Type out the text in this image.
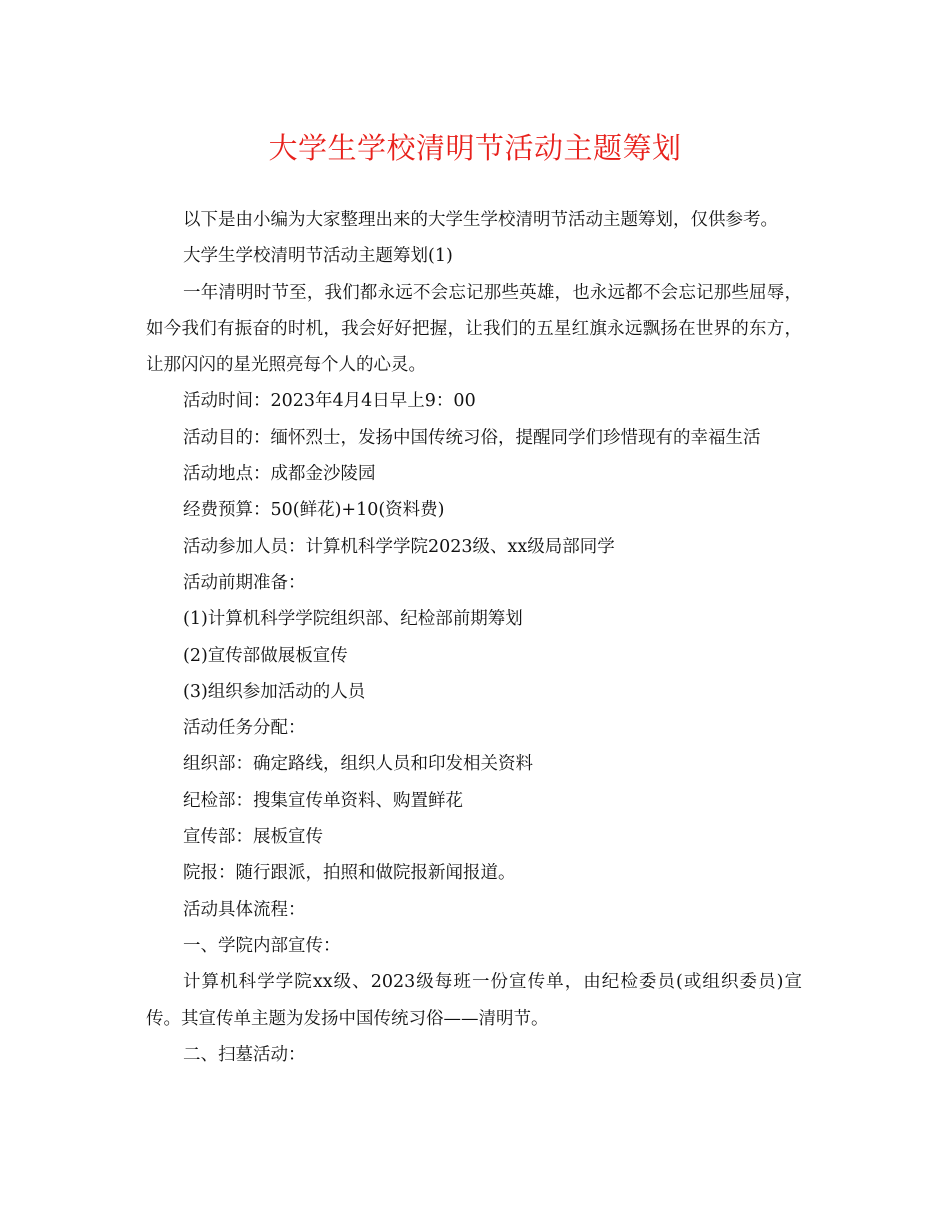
大学生学校清明节活动主题筹划

以下是由小编为大家整理出来的大学生学校清明节活动主题筹划，仅供参考。

大学生学校清明节活动主题筹划(1)

一年清明时节至，我们都永远不会忘记那些英雄，也永远都不会忘记那些屈辱，如今我们有振奋的时机，我会好好把握，让我们的五星红旗永远飘扬在世界的东方，让那闪闪的星光照亮每个人的心灵。

活动时间：2023年4月4日早上9：00

活动目的：缅怀烈士，发扬中国传统习俗，提醒同学们珍惜现有的幸福生活

活动地点：成都金沙陵园

经费预算：50(鲜花)+10(资料费)

活动参加人员：计算机科学学院2023级、xx级局部同学

活动前期准备：

(1)计算机科学学院组织部、纪检部前期筹划

(2)宣传部做展板宣传

(3)组织参加活动的人员

活动任务分配：

组织部：确定路线，组织人员和印发相关资料

纪检部：搜集宣传单资料、购置鲜花

宣传部：展板宣传

院报：随行跟派，拍照和做院报新闻报道。

活动具体流程：

一、学院内部宣传：

计算机科学学院xx级、2023级每班一份宣传单，由纪检委员(或组织委员)宣传。其宣传单主题为发扬中国传统习俗——清明节。

二、扫墓活动：
